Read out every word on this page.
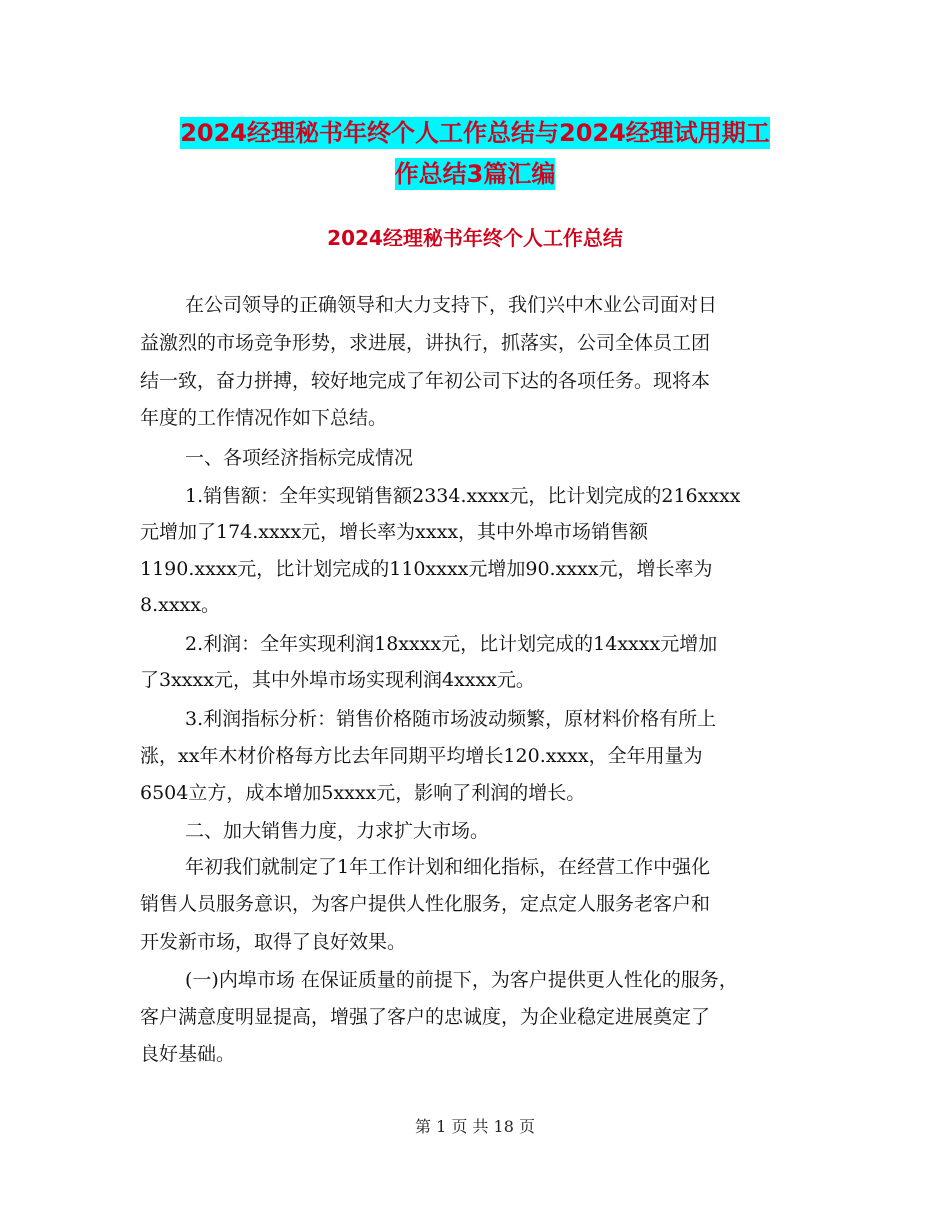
2024经理秘书年终个人工作总结与2024经理试用期工
作总结3篇汇编
2024经理秘书年终个人工作总结
在公司领导的正确领导和大力支持下，我们兴中木业公司面对日
益激烈的市场竞争形势，求进展，讲执行，抓落实，公司全体员工团
结一致，奋力拼搏，较好地完成了年初公司下达的各项任务。现将本
年度的工作情况作如下总结。
一、各项经济指标完成情况
1.销售额：全年实现销售额2334.xxxx元，比计划完成的216xxxx
元增加了174.xxxx元，增长率为xxxx，其中外埠市场销售额
1190.xxxx元，比计划完成的110xxxx元增加90.xxxx元，增长率为
8.xxxx。
2.利润：全年实现利润18xxxx元，比计划完成的14xxxx元增加
了3xxxx元，其中外埠市场实现利润4xxxx元。
3.利润指标分析：销售价格随市场波动频繁，原材料价格有所上
涨，xx年木材价格每方比去年同期平均增长120.xxxx，全年用量为
6504立方，成本增加5xxxx元，影响了利润的增长。
二、加大销售力度，力求扩大市场。
年初我们就制定了1年工作计划和细化指标，在经营工作中强化
销售人员服务意识，为客户提供人性化服务，定点定人服务老客户和
开发新市场，取得了良好效果。
(一)内埠市场 在保证质量的前提下，为客户提供更人性化的服务，
客户满意度明显提高，增强了客户的忠诚度，为企业稳定进展奠定了
良好基础。
第 1 页 共 18 页
